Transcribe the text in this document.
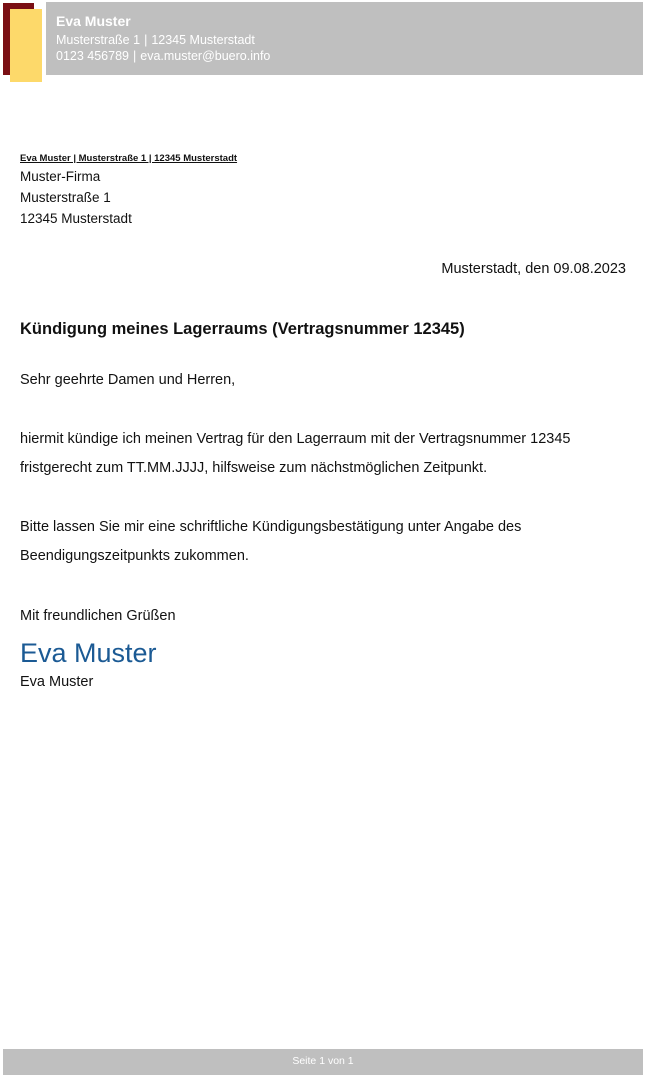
Eva Muster
Musterstraße 1 | 12345 Musterstadt
0123 456789 | eva.muster@buero.info
Eva Muster | Musterstraße 1 | 12345 Musterstadt
Muster-Firma
Musterstraße 1
12345 Musterstadt
Musterstadt, den 09.08.2023
Kündigung meines Lagerraums (Vertragsnummer 12345)
Sehr geehrte Damen und Herren,
hiermit kündige ich meinen Vertrag für den Lagerraum mit der Vertragsnummer 12345
fristgerecht zum TT.MM.JJJJ, hilfsweise zum nächstmöglichen Zeitpunkt.
Bitte lassen Sie mir eine schriftliche Kündigungsbestätigung unter Angabe des
Beendigungszeitpunkts zukommen.
Mit freundlichen Grüßen
Eva Muster
Eva Muster
Seite 1 von 1
